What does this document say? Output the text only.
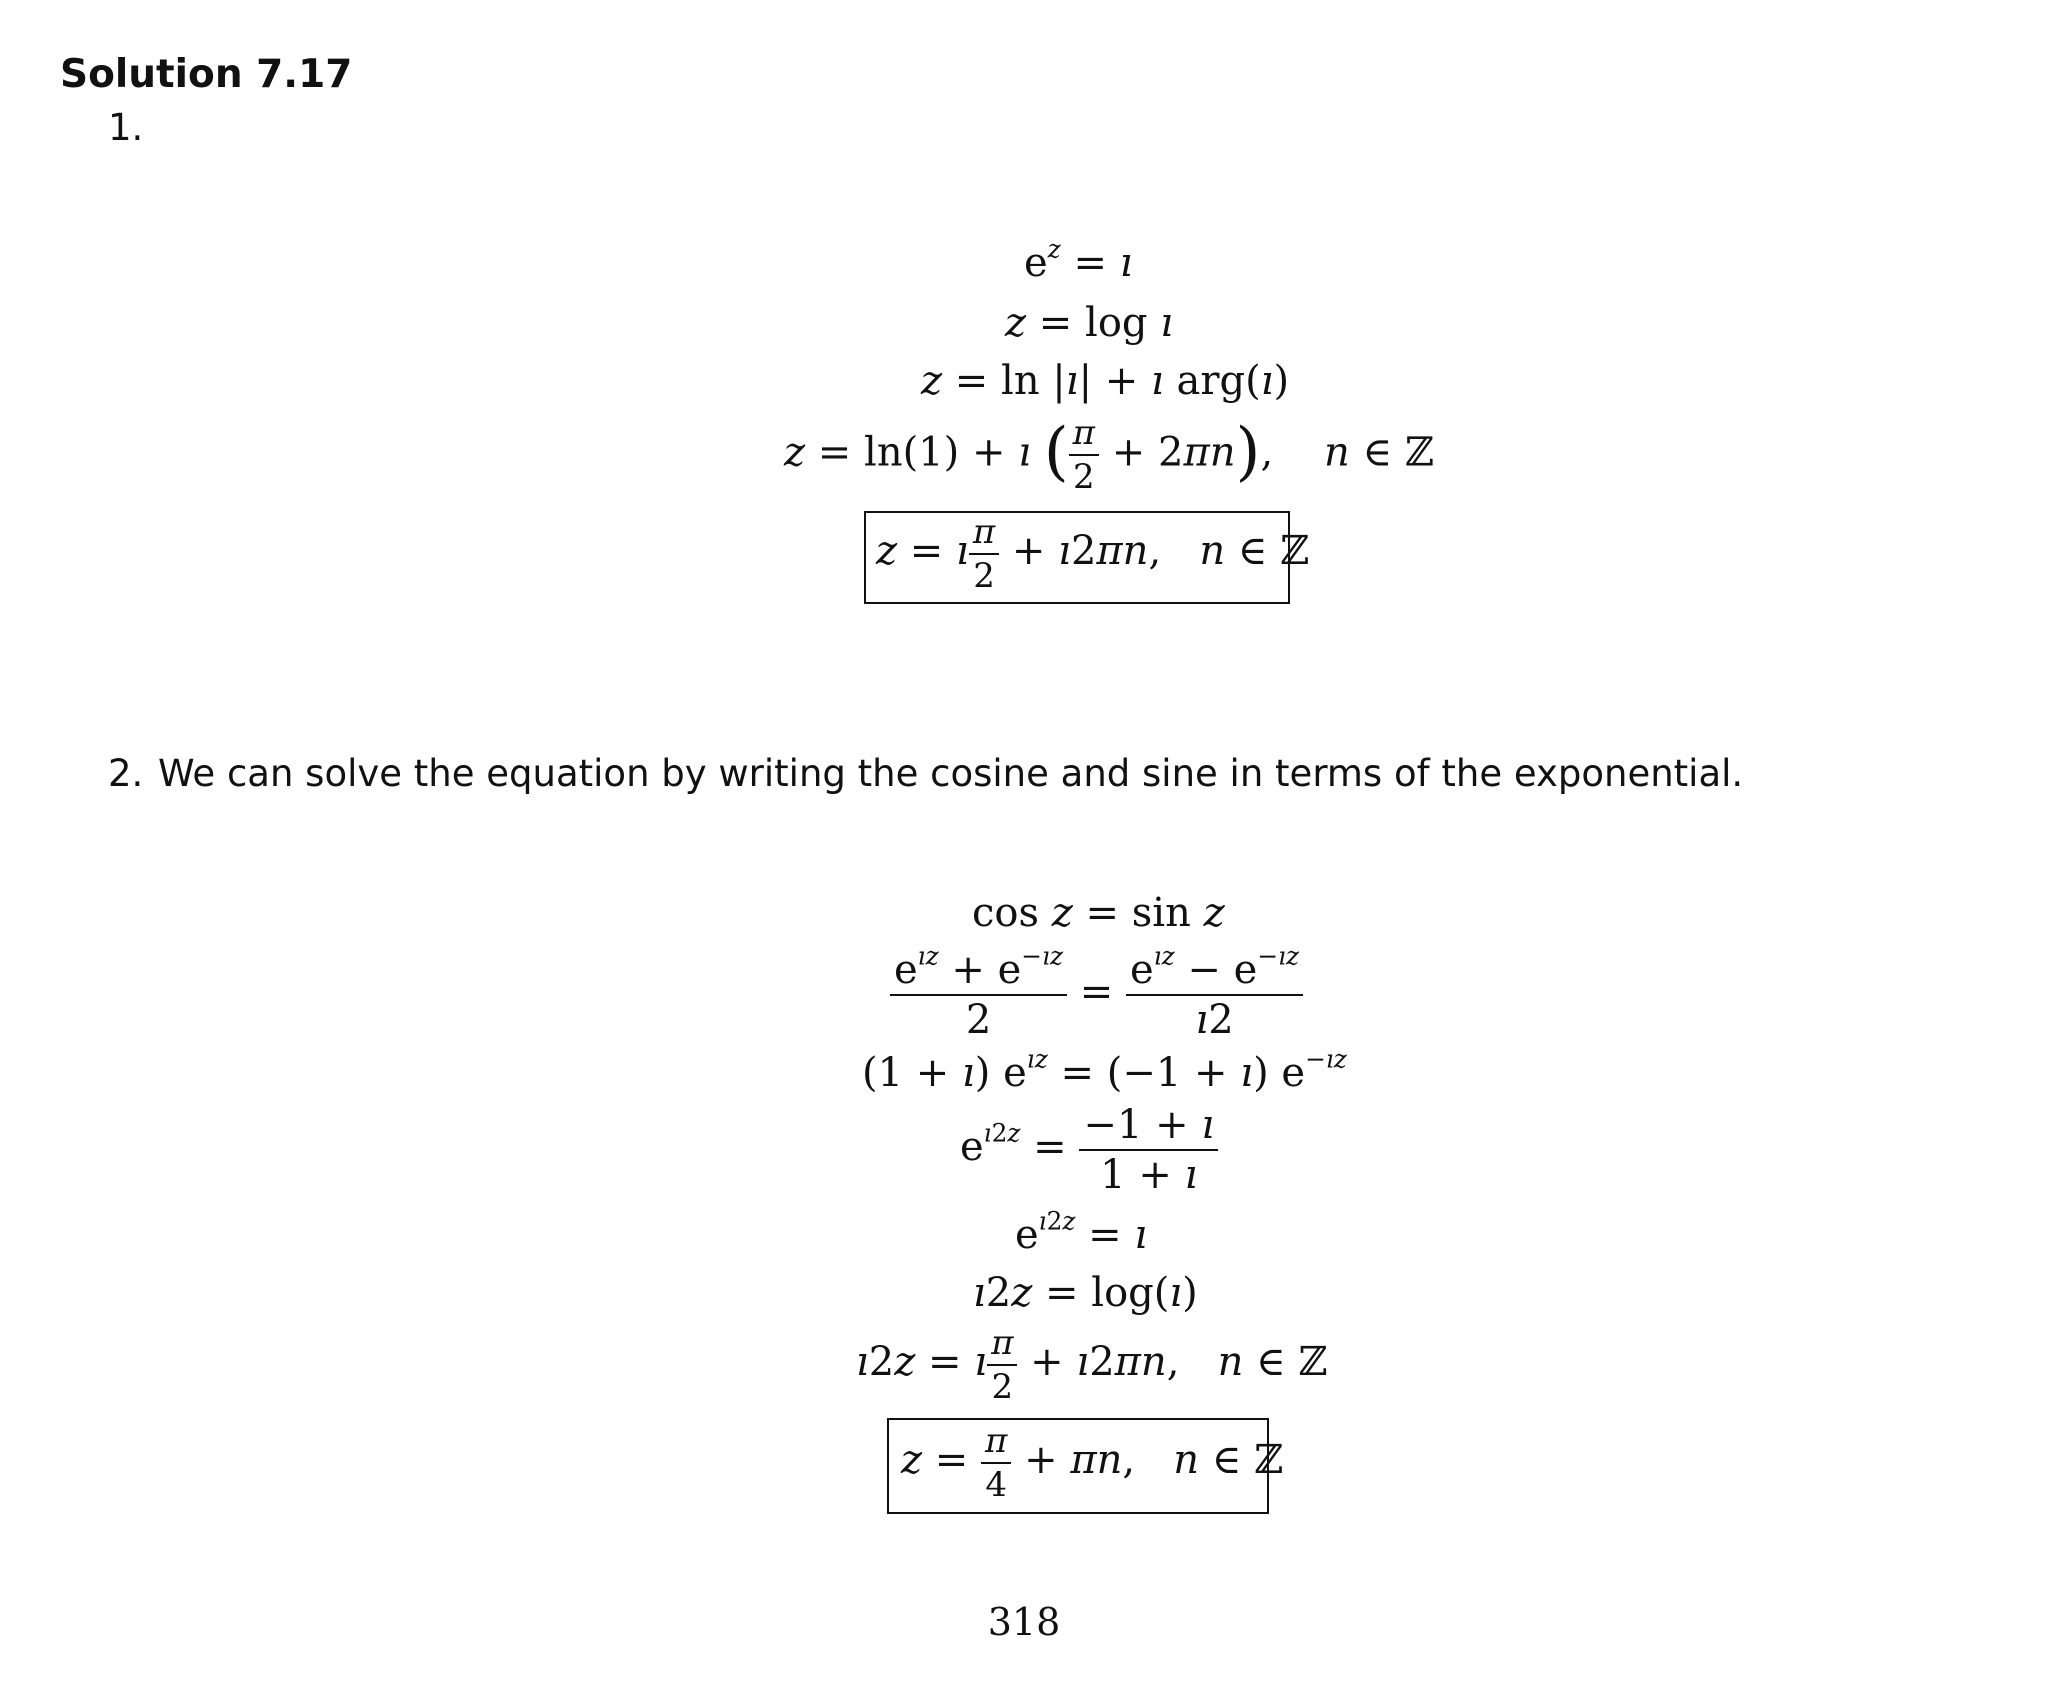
Solution 7.17
1.
$e^z$ = ı
z = log ı
z = ln |ı| + ı arg(ı)
z = ln(1) + ı ( $\frac{\pi}{2} + 2\pi n$),    n ∈ ℤ
z = ı $\frac{\pi}{2}$ + ı2πn,   n ∈ ℤ
2. We can solve the equation by writing the cosine and sine in terms of the exponential.
cos z = sin z
$\frac{e^{ız} + e^{-ız}}{2} = \frac{e^{ız} - e^{-ız}}{ı2}$
(1 + ı) $e^{ız} = (-1$ + ı) $e^{-ız}$
$e^{ı2z} = \frac{-1 + ı}{1 + ı}$
$e^{ı2z}$ = ı
ı2z = log(ı)
ı2z = ı $\frac{\pi}{2}$ + ı2πn,   n ∈ ℤ
$z = \frac{\pi}{4} + \pi n$,   n ∈ ℤ
318
